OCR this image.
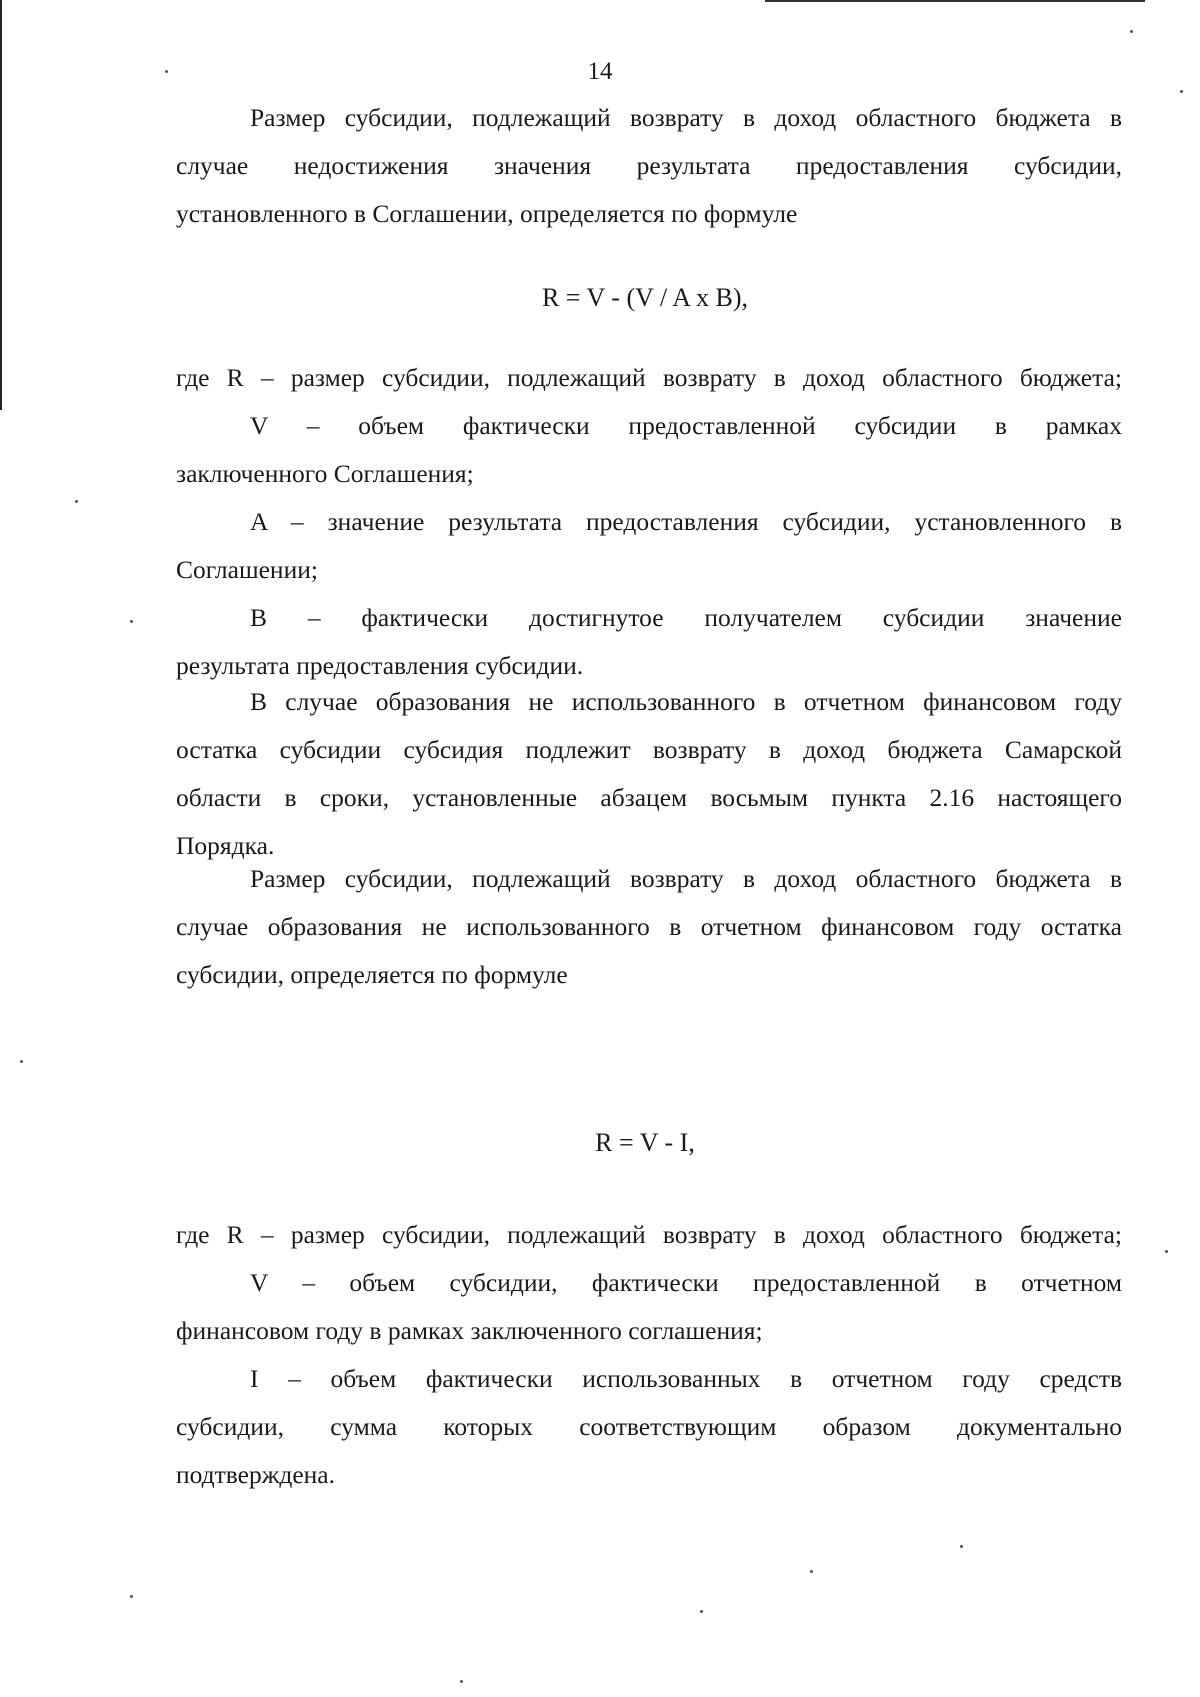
14
Размер субсидии, подлежащий возврату в доход областного бюджета в
случае недостижения значения результата предоставления субсидии,
установленного в Соглашении, определяется по формуле
R = V - (V / A x B),
где R – размер субсидии, подлежащий возврату в доход областного бюджета;
V – объем фактически предоставленной субсидии в рамках
заключенного Соглашения;
A – значение результата предоставления субсидии, установленного в
Соглашении;
B – фактически достигнутое получателем субсидии значение
результата предоставления субсидии.
В случае образования не использованного в отчетном финансовом году
остатка субсидии субсидия подлежит возврату в доход бюджета Самарской
области в сроки, установленные абзацем восьмым пункта 2.16 настоящего
Порядка.
Размер субсидии, подлежащий возврату в доход областного бюджета в
случае образования не использованного в отчетном финансовом году остатка
субсидии, определяется по формуле
R = V - I,
где R – размер субсидии, подлежащий возврату в доход областного бюджета;
V – объем субсидии, фактически предоставленной в отчетном
финансовом году в рамках заключенного соглашения;
I – объем фактически использованных в отчетном году средств
субсидии, сумма которых соответствующим образом документально
подтверждена.
